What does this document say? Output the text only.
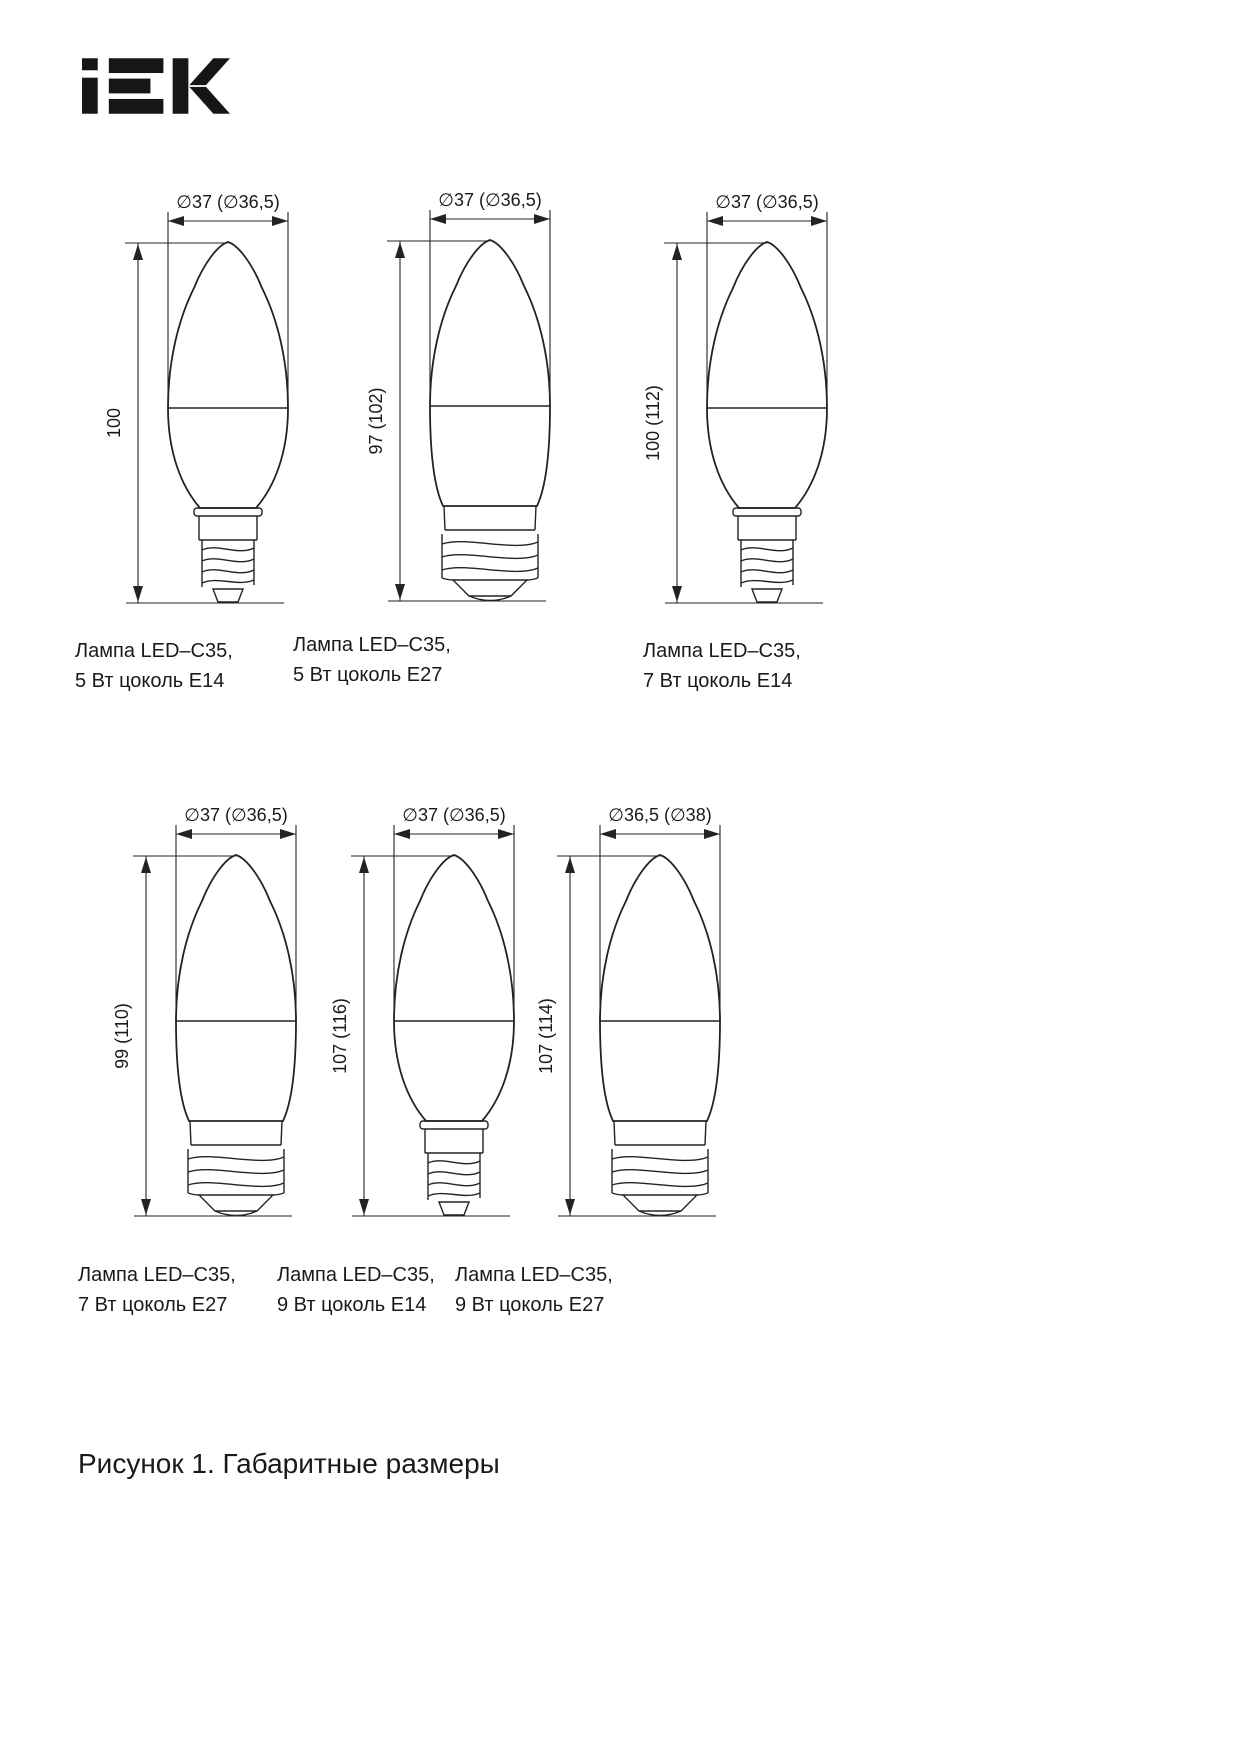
∅37 (∅36,5)
100
∅37 (∅36,5)
97 (102)
∅37 (∅36,5)
100 (112)
∅37 (∅36,5)
99 (110)
∅37 (∅36,5)
107 (116)
∅36,5 (∅38)
107 (114)
Лампа LED–C35,
5 Вт цоколь Е14
Лампа LED–C35,
5 Вт цоколь Е27
Лампа LED–C35,
7 Вт цоколь Е14
Лампа LED–C35,
7 Вт цоколь Е27
Лампа LED–C35,
9 Вт цоколь Е14
Лампа LED–C35,
9 Вт цоколь Е27
Рисунок 1. Габаритные размеры
